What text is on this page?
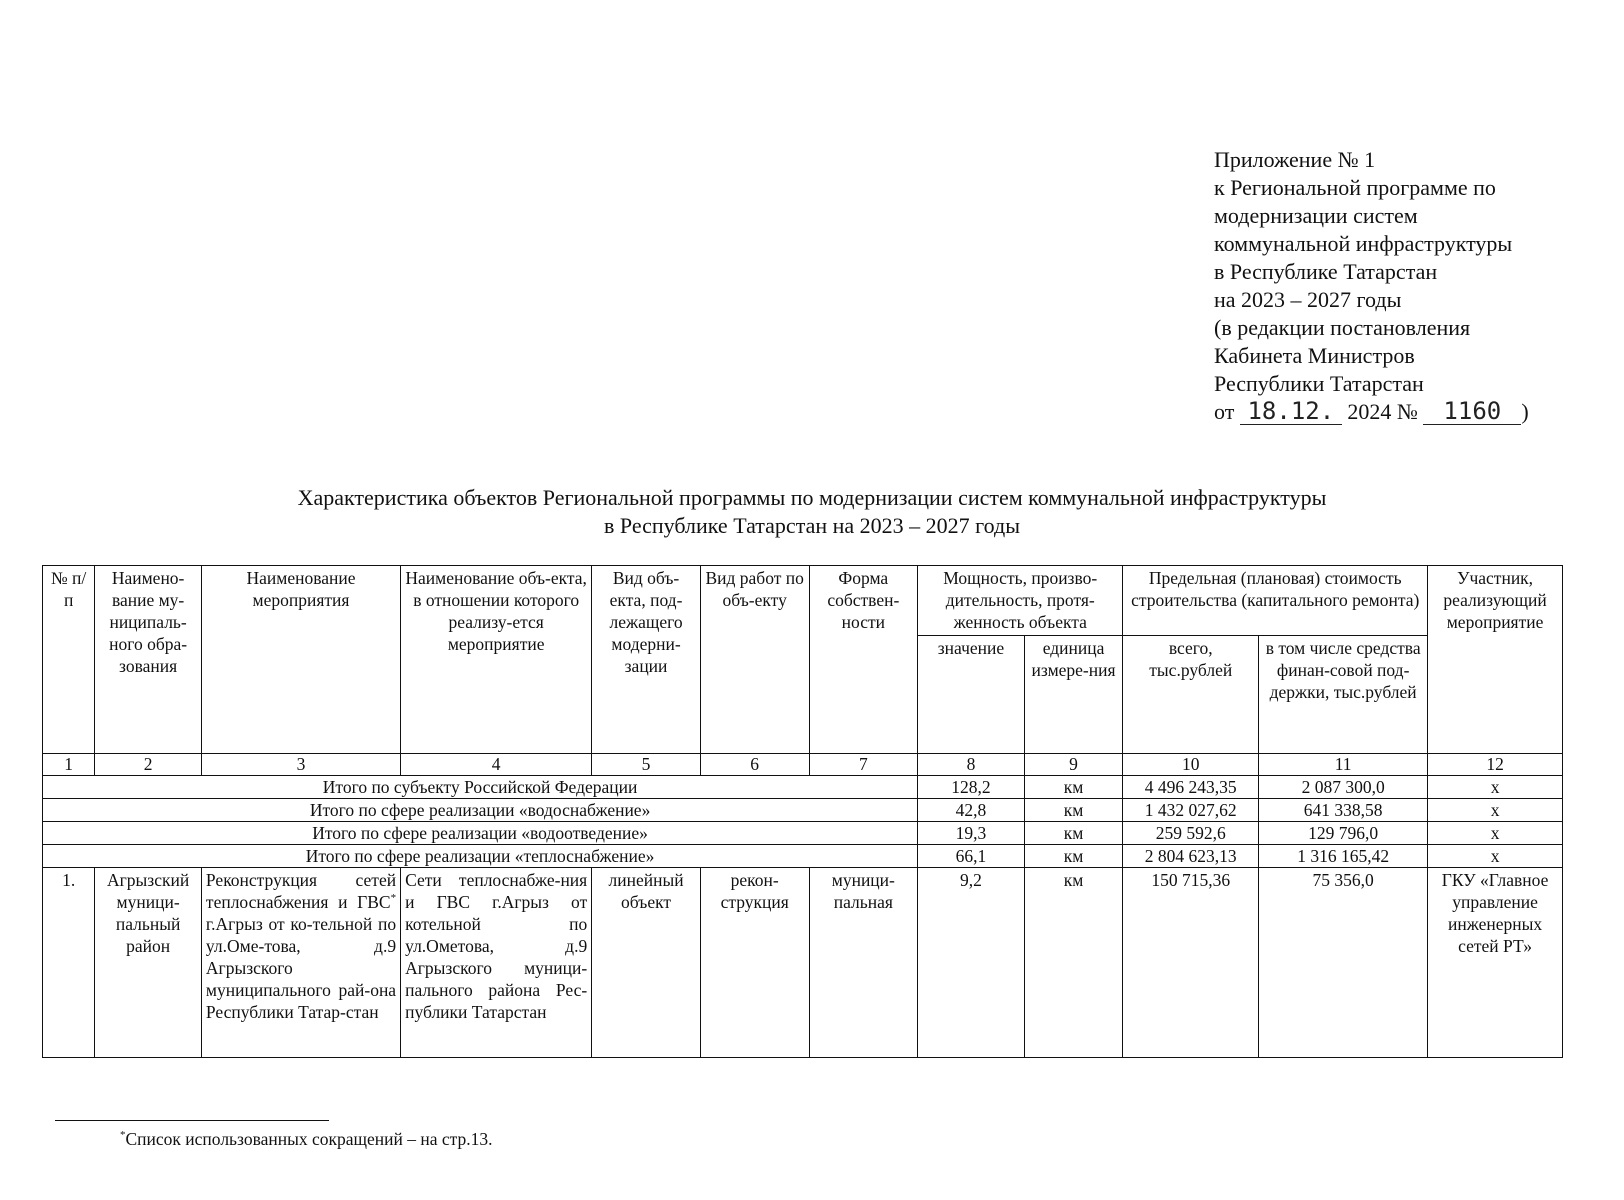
Приложение № 1
к Региональной программе по
модернизации систем
коммунальной инфраструктуры
в Республике Татарстан
на 2023 – 2027 годы
(в редакции постановления
Кабинета Министров
Республики Татарстан
от 18.12. 2024 № 1160 )
Характеристика объектов Региональной программы по модернизации систем коммунальной инфраструктуры
в Республике Татарстан на 2023 – 2027 годы
№ п/п	Наимено-вание му-ниципаль-ного обра-зования	Наименование мероприятия	Наименование объ-екта, в отношении которого реализу-ется мероприятие	Вид объ-екта, под-лежащего модерни-зации	Вид работ по объ-екту	Форма собствен-ности	Мощность, произво-дительность, протя-женность объекта		Предельная (плановая) стоимость строительства (капитального ремонта)		Участник, реализующий мероприятие
							значение	единица измере-ния	всего, тыс.рублей	в том числе средства финан-совой под-держки, тыс.рублей	
1	2	3	4	5	6	7	8	9	10	11	12
Итого по субъекту Российской Федерации							128,2	км	4 496 243,35	2 087 300,0	x
Итого по сфере реализации «водоснабжение»							42,8	км	1 432 027,62	641 338,58	x
Итого по сфере реализации «водоотведение»							19,3	км	259 592,6	129 796,0	x
Итого по сфере реализации «теплоснабжение»							66,1	км	2 804 623,13	1 316 165,42	x
1.	Агрызский муници-пальный район	Реконструкция сетей теплоснабжения и ГВС* г.Агрыз от ко-тельной по ул.Оме-това, д.9 Агрызского муниципального рай-она Республики Татар-стан	Сети теплоснабже-ния и ГВС г.Агрыз от котельной по ул.Ометова, д.9 Агрызского муници-пального района Рес-публики Татарстан	линейный объект	рекон-струкция	муници-пальная	9,2	км	150 715,36	75 356,0	ГКУ «Главное управление инженерных сетей РТ»
*Список использованных сокращений – на стр.13.
